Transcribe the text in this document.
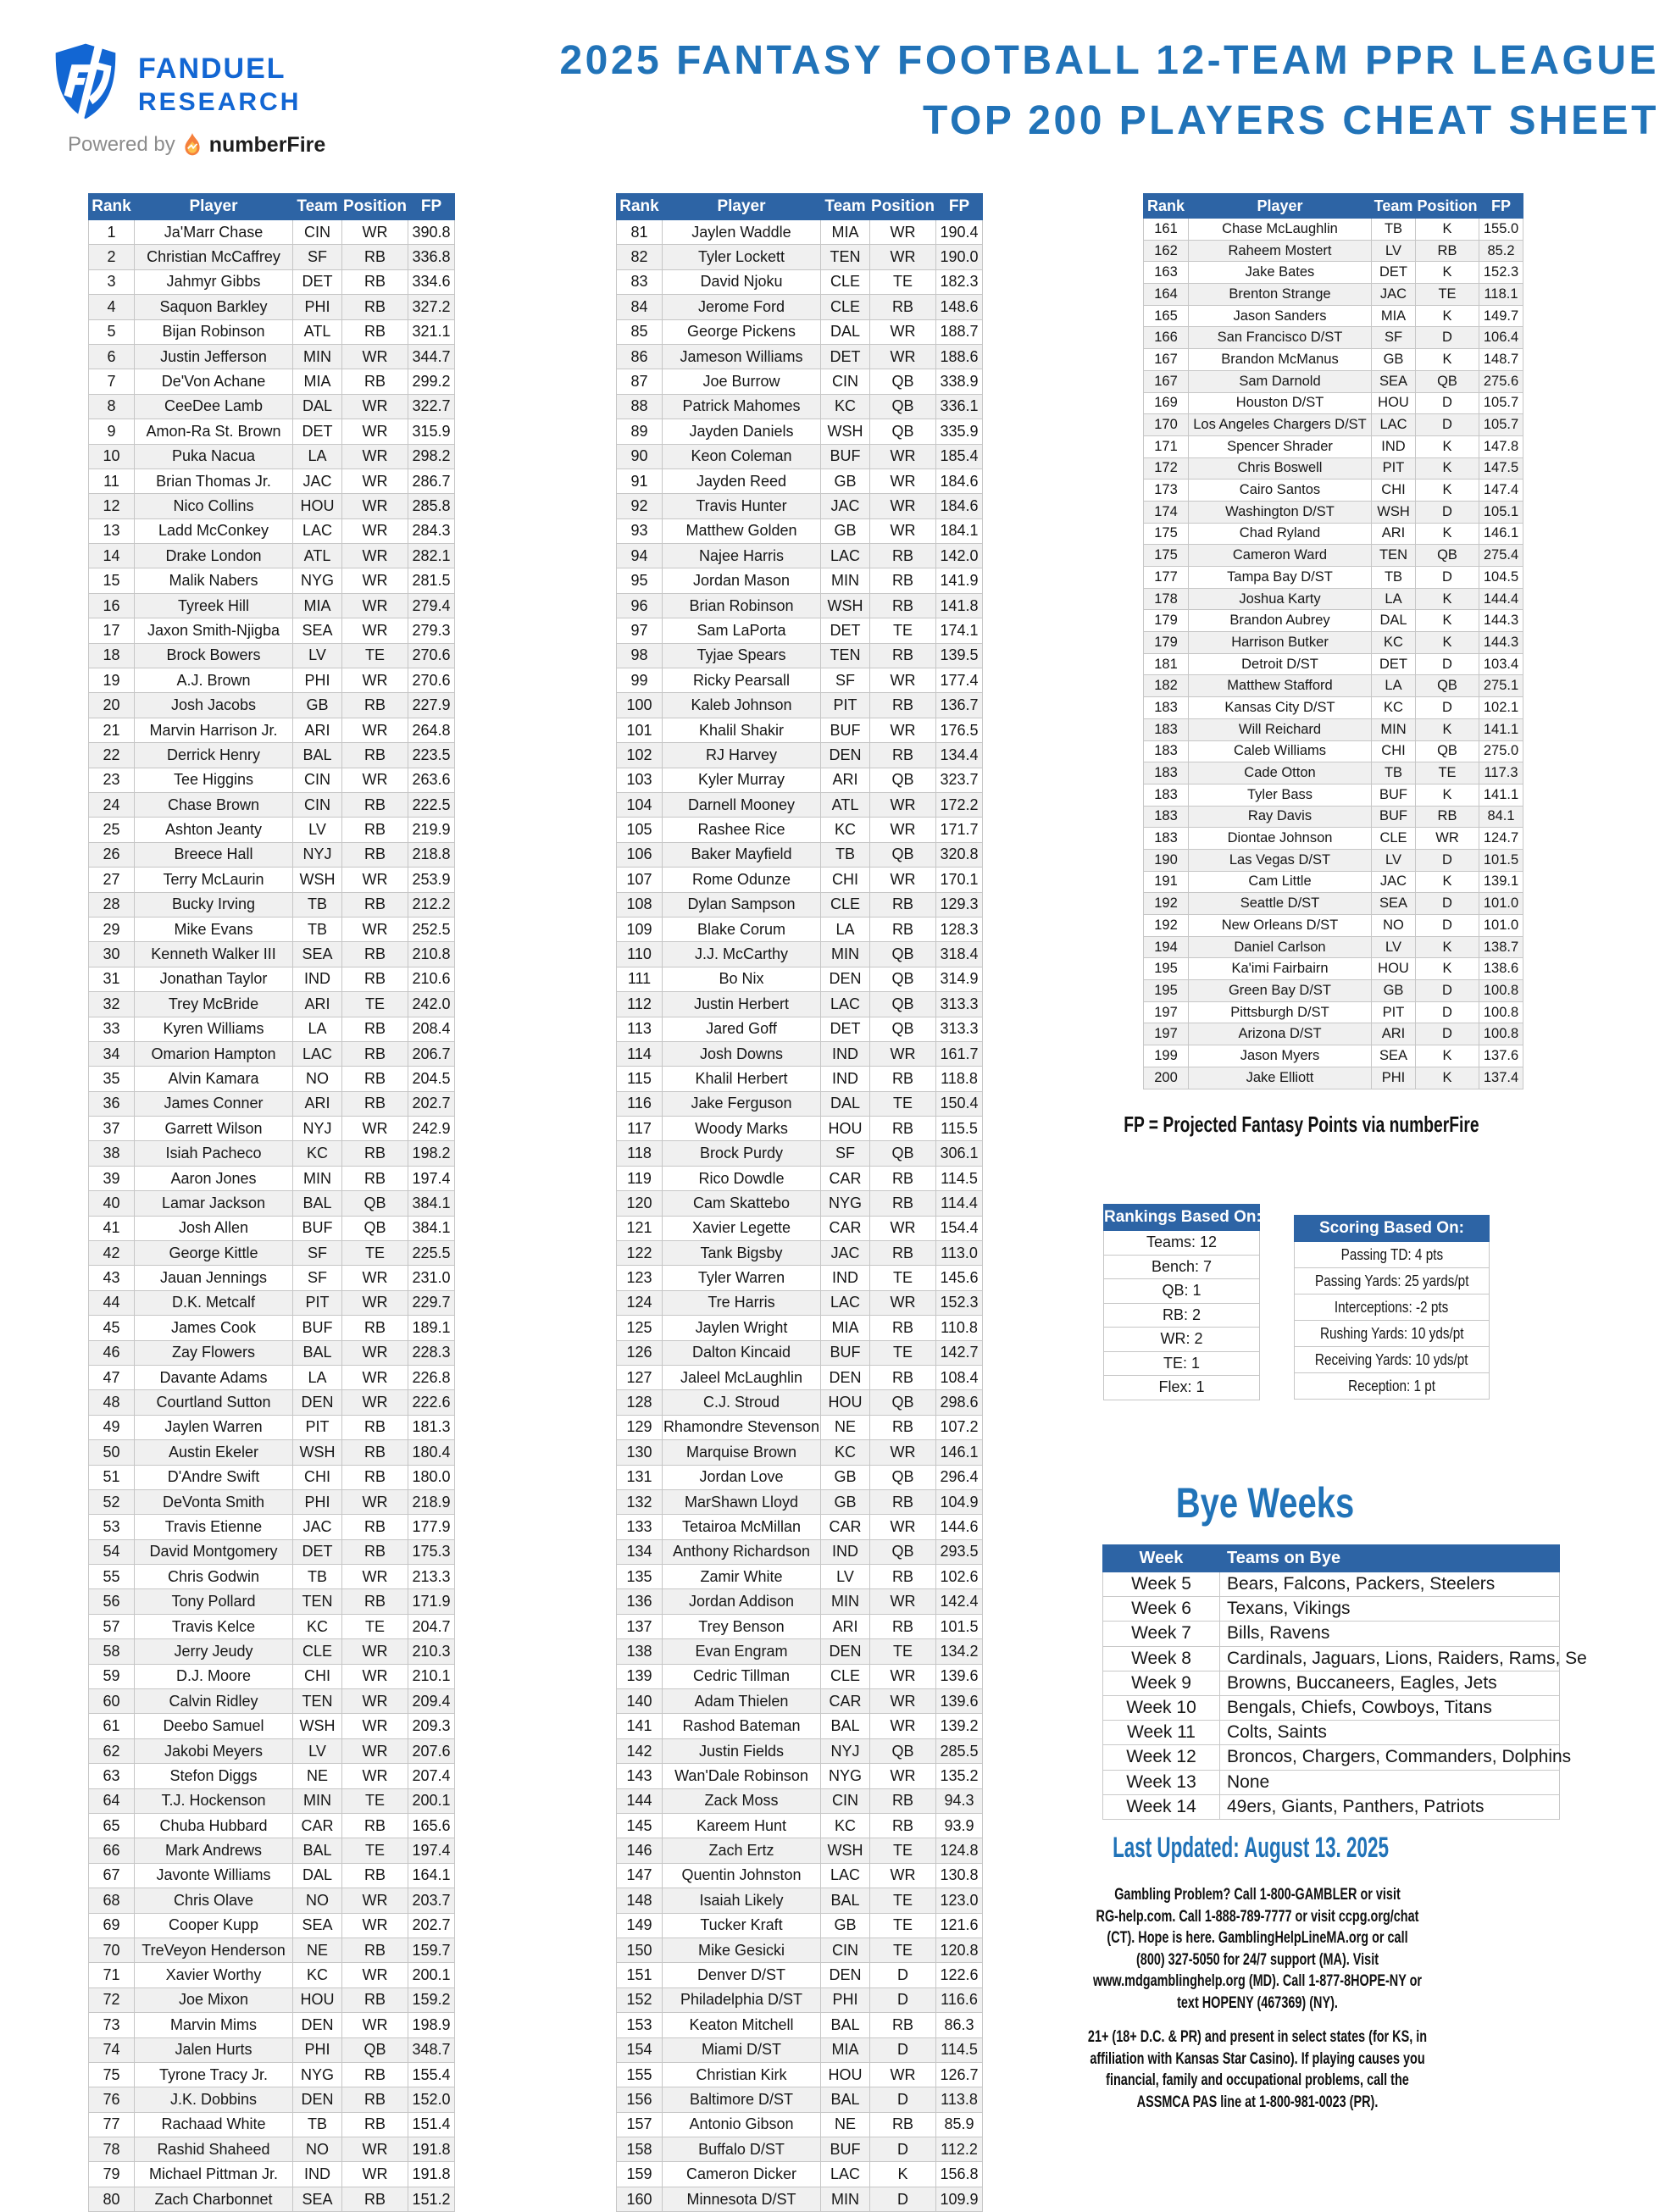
FANDUEL
RESEARCH
Powered by numberFire
2025 FANTASY FOOTBALL 12-TEAM PPR LEAGUE
TOP 200 PLAYERS CHEAT SHEET
Rank	Player	Team	Position	FP
1	Ja'Marr Chase	CIN	WR	390.8
2	Christian McCaffrey	SF	RB	336.8
3	Jahmyr Gibbs	DET	RB	334.6
4	Saquon Barkley	PHI	RB	327.2
5	Bijan Robinson	ATL	RB	321.1
6	Justin Jefferson	MIN	WR	344.7
7	De'Von Achane	MIA	RB	299.2
8	CeeDee Lamb	DAL	WR	322.7
9	Amon-Ra St. Brown	DET	WR	315.9
10	Puka Nacua	LA	WR	298.2
11	Brian Thomas Jr.	JAC	WR	286.7
12	Nico Collins	HOU	WR	285.8
13	Ladd McConkey	LAC	WR	284.3
14	Drake London	ATL	WR	282.1
15	Malik Nabers	NYG	WR	281.5
16	Tyreek Hill	MIA	WR	279.4
17	Jaxon Smith-Njigba	SEA	WR	279.3
18	Brock Bowers	LV	TE	270.6
19	A.J. Brown	PHI	WR	270.6
20	Josh Jacobs	GB	RB	227.9
21	Marvin Harrison Jr.	ARI	WR	264.8
22	Derrick Henry	BAL	RB	223.5
23	Tee Higgins	CIN	WR	263.6
24	Chase Brown	CIN	RB	222.5
25	Ashton Jeanty	LV	RB	219.9
26	Breece Hall	NYJ	RB	218.8
27	Terry McLaurin	WSH	WR	253.9
28	Bucky Irving	TB	RB	212.2
29	Mike Evans	TB	WR	252.5
30	Kenneth Walker III	SEA	RB	210.8
31	Jonathan Taylor	IND	RB	210.6
32	Trey McBride	ARI	TE	242.0
33	Kyren Williams	LA	RB	208.4
34	Omarion Hampton	LAC	RB	206.7
35	Alvin Kamara	NO	RB	204.5
36	James Conner	ARI	RB	202.7
37	Garrett Wilson	NYJ	WR	242.9
38	Isiah Pacheco	KC	RB	198.2
39	Aaron Jones	MIN	RB	197.4
40	Lamar Jackson	BAL	QB	384.1
41	Josh Allen	BUF	QB	384.1
42	George Kittle	SF	TE	225.5
43	Jauan Jennings	SF	WR	231.0
44	D.K. Metcalf	PIT	WR	229.7
45	James Cook	BUF	RB	189.1
46	Zay Flowers	BAL	WR	228.3
47	Davante Adams	LA	WR	226.8
48	Courtland Sutton	DEN	WR	222.6
49	Jaylen Warren	PIT	RB	181.3
50	Austin Ekeler	WSH	RB	180.4
51	D'Andre Swift	CHI	RB	180.0
52	DeVonta Smith	PHI	WR	218.9
53	Travis Etienne	JAC	RB	177.9
54	David Montgomery	DET	RB	175.3
55	Chris Godwin	TB	WR	213.3
56	Tony Pollard	TEN	RB	171.9
57	Travis Kelce	KC	TE	204.7
58	Jerry Jeudy	CLE	WR	210.3
59	D.J. Moore	CHI	WR	210.1
60	Calvin Ridley	TEN	WR	209.4
61	Deebo Samuel	WSH	WR	209.3
62	Jakobi Meyers	LV	WR	207.6
63	Stefon Diggs	NE	WR	207.4
64	T.J. Hockenson	MIN	TE	200.1
65	Chuba Hubbard	CAR	RB	165.6
66	Mark Andrews	BAL	TE	197.4
67	Javonte Williams	DAL	RB	164.1
68	Chris Olave	NO	WR	203.7
69	Cooper Kupp	SEA	WR	202.7
70	TreVeyon Henderson	NE	RB	159.7
71	Xavier Worthy	KC	WR	200.1
72	Joe Mixon	HOU	RB	159.2
73	Marvin Mims	DEN	WR	198.9
74	Jalen Hurts	PHI	QB	348.7
75	Tyrone Tracy Jr.	NYG	RB	155.4
76	J.K. Dobbins	DEN	RB	152.0
77	Rachaad White	TB	RB	151.4
78	Rashid Shaheed	NO	WR	191.8
79	Michael Pittman Jr.	IND	WR	191.8
80	Zach Charbonnet	SEA	RB	151.2
Rank	Player	Team	Position	FP
81	Jaylen Waddle	MIA	WR	190.4
82	Tyler Lockett	TEN	WR	190.0
83	David Njoku	CLE	TE	182.3
84	Jerome Ford	CLE	RB	148.6
85	George Pickens	DAL	WR	188.7
86	Jameson Williams	DET	WR	188.6
87	Joe Burrow	CIN	QB	338.9
88	Patrick Mahomes	KC	QB	336.1
89	Jayden Daniels	WSH	QB	335.9
90	Keon Coleman	BUF	WR	185.4
91	Jayden Reed	GB	WR	184.6
92	Travis Hunter	JAC	WR	184.6
93	Matthew Golden	GB	WR	184.1
94	Najee Harris	LAC	RB	142.0
95	Jordan Mason	MIN	RB	141.9
96	Brian Robinson	WSH	RB	141.8
97	Sam LaPorta	DET	TE	174.1
98	Tyjae Spears	TEN	RB	139.5
99	Ricky Pearsall	SF	WR	177.4
100	Kaleb Johnson	PIT	RB	136.7
101	Khalil Shakir	BUF	WR	176.5
102	RJ Harvey	DEN	RB	134.4
103	Kyler Murray	ARI	QB	323.7
104	Darnell Mooney	ATL	WR	172.2
105	Rashee Rice	KC	WR	171.7
106	Baker Mayfield	TB	QB	320.8
107	Rome Odunze	CHI	WR	170.1
108	Dylan Sampson	CLE	RB	129.3
109	Blake Corum	LA	RB	128.3
110	J.J. McCarthy	MIN	QB	318.4
111	Bo Nix	DEN	QB	314.9
112	Justin Herbert	LAC	QB	313.3
113	Jared Goff	DET	QB	313.3
114	Josh Downs	IND	WR	161.7
115	Khalil Herbert	IND	RB	118.8
116	Jake Ferguson	DAL	TE	150.4
117	Woody Marks	HOU	RB	115.5
118	Brock Purdy	SF	QB	306.1
119	Rico Dowdle	CAR	RB	114.5
120	Cam Skattebo	NYG	RB	114.4
121	Xavier Legette	CAR	WR	154.4
122	Tank Bigsby	JAC	RB	113.0
123	Tyler Warren	IND	TE	145.6
124	Tre Harris	LAC	WR	152.3
125	Jaylen Wright	MIA	RB	110.8
126	Dalton Kincaid	BUF	TE	142.7
127	Jaleel McLaughlin	DEN	RB	108.4
128	C.J. Stroud	HOU	QB	298.6
129	Rhamondre Stevenson	NE	RB	107.2
130	Marquise Brown	KC	WR	146.1
131	Jordan Love	GB	QB	296.4
132	MarShawn Lloyd	GB	RB	104.9
133	Tetairoa McMillan	CAR	WR	144.6
134	Anthony Richardson	IND	QB	293.5
135	Zamir White	LV	RB	102.6
136	Jordan Addison	MIN	WR	142.4
137	Trey Benson	ARI	RB	101.5
138	Evan Engram	DEN	TE	134.2
139	Cedric Tillman	CLE	WR	139.6
140	Adam Thielen	CAR	WR	139.6
141	Rashod Bateman	BAL	WR	139.2
142	Justin Fields	NYJ	QB	285.5
143	Wan'Dale Robinson	NYG	WR	135.2
144	Zack Moss	CIN	RB	94.3
145	Kareem Hunt	KC	RB	93.9
146	Zach Ertz	WSH	TE	124.8
147	Quentin Johnston	LAC	WR	130.8
148	Isaiah Likely	BAL	TE	123.0
149	Tucker Kraft	GB	TE	121.6
150	Mike Gesicki	CIN	TE	120.8
151	Denver D/ST	DEN	D	122.6
152	Philadelphia D/ST	PHI	D	116.6
153	Keaton Mitchell	BAL	RB	86.3
154	Miami D/ST	MIA	D	114.5
155	Christian Kirk	HOU	WR	126.7
156	Baltimore D/ST	BAL	D	113.8
157	Antonio Gibson	NE	RB	85.9
158	Buffalo D/ST	BUF	D	112.2
159	Cameron Dicker	LAC	K	156.8
160	Minnesota D/ST	MIN	D	109.9
Rank	Player	Team	Position	FP
161	Chase McLaughlin	TB	K	155.0
162	Raheem Mostert	LV	RB	85.2
163	Jake Bates	DET	K	152.3
164	Brenton Strange	JAC	TE	118.1
165	Jason Sanders	MIA	K	149.7
166	San Francisco D/ST	SF	D	106.4
167	Brandon McManus	GB	K	148.7
167	Sam Darnold	SEA	QB	275.6
169	Houston D/ST	HOU	D	105.7
170	Los Angeles Chargers D/ST	LAC	D	105.7
171	Spencer Shrader	IND	K	147.8
172	Chris Boswell	PIT	K	147.5
173	Cairo Santos	CHI	K	147.4
174	Washington D/ST	WSH	D	105.1
175	Chad Ryland	ARI	K	146.1
175	Cameron Ward	TEN	QB	275.4
177	Tampa Bay D/ST	TB	D	104.5
178	Joshua Karty	LA	K	144.4
179	Brandon Aubrey	DAL	K	144.3
179	Harrison Butker	KC	K	144.3
181	Detroit D/ST	DET	D	103.4
182	Matthew Stafford	LA	QB	275.1
183	Kansas City D/ST	KC	D	102.1
183	Will Reichard	MIN	K	141.1
183	Caleb Williams	CHI	QB	275.0
183	Cade Otton	TB	TE	117.3
183	Tyler Bass	BUF	K	141.1
183	Ray Davis	BUF	RB	84.1
183	Diontae Johnson	CLE	WR	124.7
190	Las Vegas D/ST	LV	D	101.5
191	Cam Little	JAC	K	139.1
192	Seattle D/ST	SEA	D	101.0
192	New Orleans D/ST	NO	D	101.0
194	Daniel Carlson	LV	K	138.7
195	Ka'imi Fairbairn	HOU	K	138.6
195	Green Bay D/ST	GB	D	100.8
197	Pittsburgh D/ST	PIT	D	100.8
197	Arizona D/ST	ARI	D	100.8
199	Jason Myers	SEA	K	137.6
200	Jake Elliott	PHI	K	137.4
FP = Projected Fantasy Points via numberFire
Rankings Based On:
Teams: 12
Bench: 7
QB: 1
RB: 2
WR: 2
TE: 1
Flex: 1
Scoring Based On:
Passing TD: 4 pts
Passing Yards: 25 yards/pt
Interceptions: -2 pts
Rushing Yards: 10 yds/pt
Receiving Yards: 10 yds/pt
Reception: 1 pt
Bye Weeks
Week	Teams on Bye
Week 5	Bears, Falcons, Packers, Steelers
Week 6	Texans, Vikings
Week 7	Bills, Ravens
Week 8	Cardinals, Jaguars, Lions, Raiders, Rams, Se
Week 9	Browns, Buccaneers, Eagles, Jets
Week 10	Bengals, Chiefs, Cowboys, Titans
Week 11	Colts, Saints
Week 12	Broncos, Chargers, Commanders, Dolphins
Week 13	None
Week 14	49ers, Giants, Panthers, Patriots
Last Updated: August 13. 2025
Gambling Problem? Call 1-800-GAMBLER or visit
RG-help.com. Call 1-888-789-7777 or visit ccpg.org/chat
(CT). Hope is here. GamblingHelpLineMA.org or call
(800) 327-5050 for 24/7 support (MA). Visit
www.mdgamblinghelp.org (MD). Call 1-877-8HOPE-NY or
text HOPENY (467369) (NY).
21+ (18+ D.C. & PR) and present in select states (for KS, in
affiliation with Kansas Star Casino). If playing causes you
financial, family and occupational problems, call the
ASSMCA PAS line at 1-800-981-0023 (PR).
